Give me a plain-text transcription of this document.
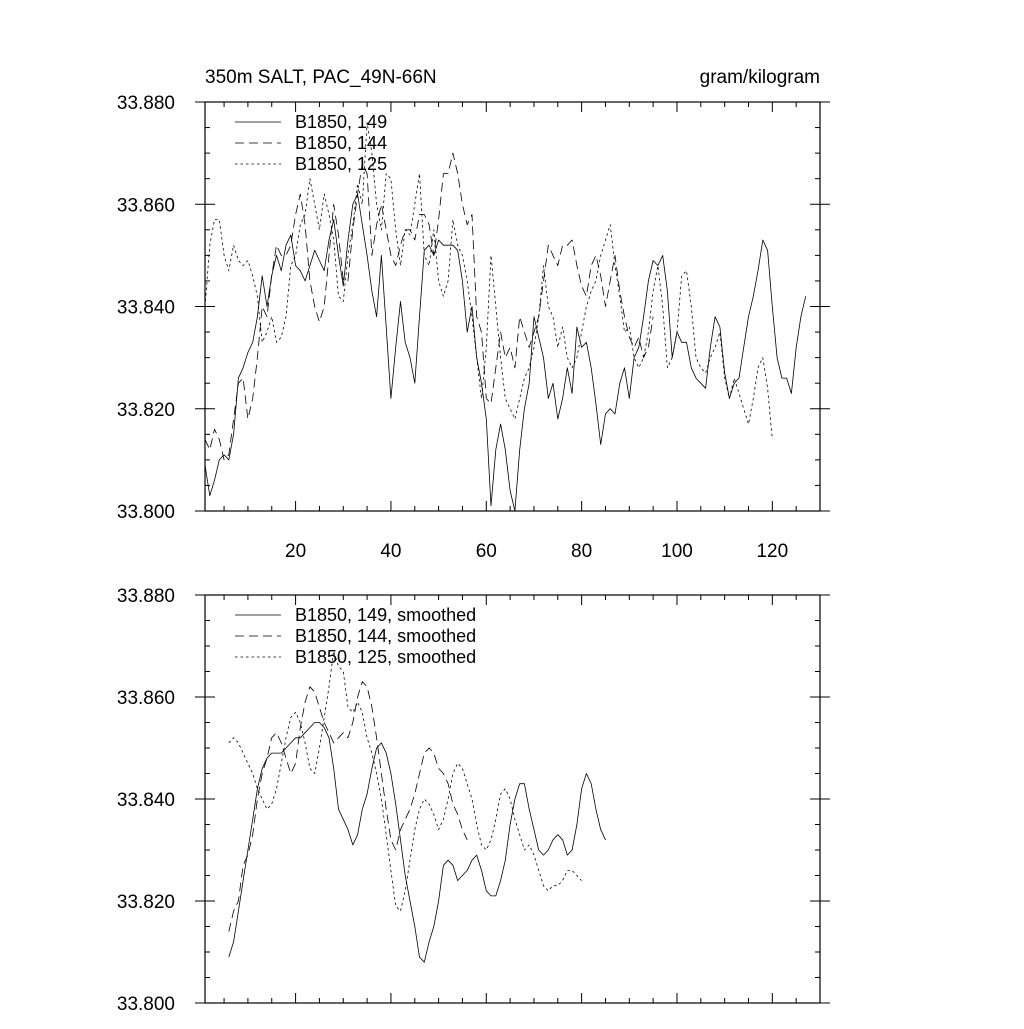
350m SALT, PAC_49N-66N	gram/kilogram
20	40	60	80	100	120
33.800
33.820
33.840
33.860
33.880
B1850, 149
B1850, 144
B1850, 125
33.800
33.820
33.840
33.860
33.880
B1850, 149, smoothed
B1850, 144, smoothed
B1850, 125, smoothed
